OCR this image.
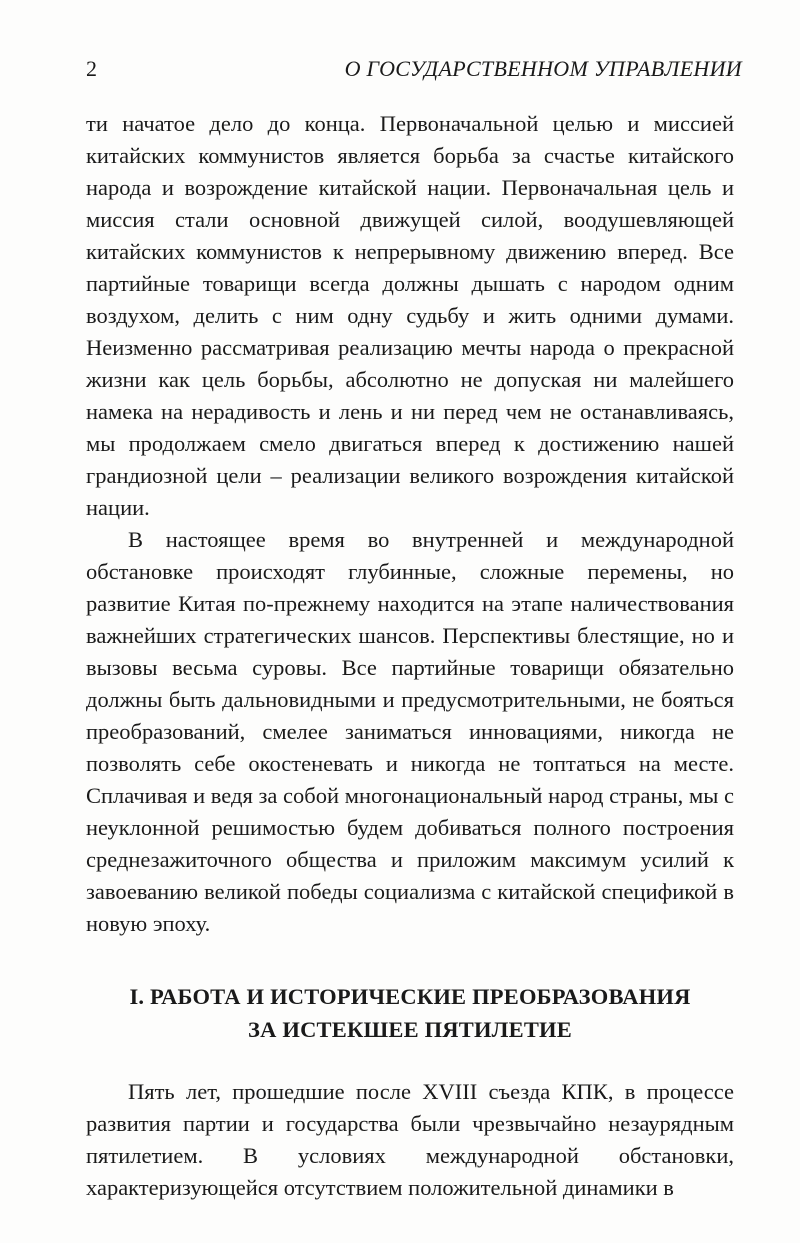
2	О ГОСУДАРСТВЕННОМ УПРАВЛЕНИИ

ти начатое дело до конца. Первоначальной целью и миссией китайских коммунистов является борьба за счастье китайского народа и возрождение китайской нации. Первоначальная цель и миссия стали основной движущей силой, воодушевляющей китайских коммунистов к непрерывному движению вперед. Все партийные товарищи всегда должны дышать с народом одним воздухом, делить с ним одну судьбу и жить одними думами. Неизменно рассматривая реализацию мечты народа о прекрасной жизни как цель борьбы, абсолютно не допуская ни малейшего намека на нерадивость и лень и ни перед чем не останавливаясь, мы продолжаем смело двигаться вперед к достижению нашей грандиозной цели – реализации великого возрождения китайской нации.

В настоящее время во внутренней и международной обстановке происходят глубинные, сложные перемены, но развитие Китая по-прежнему находится на этапе наличествования важнейших стратегических шансов. Перспективы блестящие, но и вызовы весьма суровы. Все партийные товарищи обязательно должны быть дальновидными и предусмотрительными, не бояться преобразований, смелее заниматься инновациями, никогда не позволять себе окостеневать и никогда не топтаться на месте. Сплачивая и ведя за собой многонациональный народ страны, мы с неуклонной решимостью будем добиваться полного построения среднезажиточного общества и приложим максимум усилий к завоеванию великой победы социализма с китайской спецификой в новую эпоху.

I. РАБОТА И ИСТОРИЧЕСКИЕ ПРЕОБРАЗОВАНИЯ
ЗА ИСТЕКШЕЕ ПЯТИЛЕТИЕ

Пять лет, прошедшие после XVIII съезда КПК, в процессе развития партии и государства были чрезвычайно незаурядным пятилетием. В условиях международной обстановки, характеризующейся отсутствием положительной динамики в
